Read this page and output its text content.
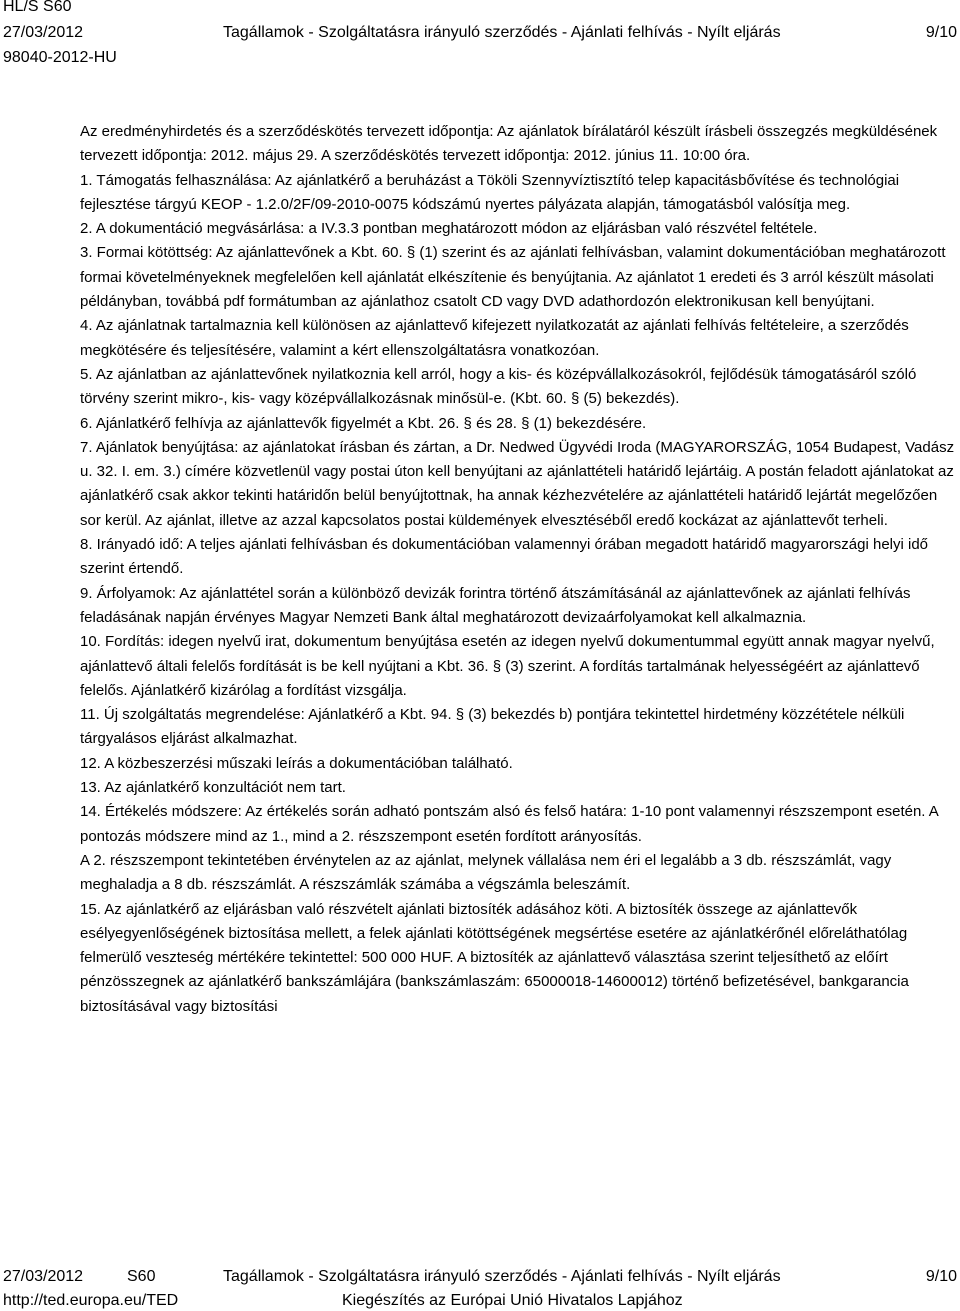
HL/S S60
27/03/2012
98040-2012-HU
Tagállamok - Szolgáltatásra irányuló szerződés - Ajánlati felhívás - Nyílt eljárás	9/10

Az eredményhirdetés és a szerződéskötés tervezett időpontja: Az ajánlatok bírálatáról készült írásbeli összegzés megküldésének tervezett időpontja: 2012. május 29. A szerződéskötés tervezett időpontja: 2012. június 11. 10:00 óra.

1. Támogatás felhasználása: Az ajánlatkérő a beruházást a Tököli Szennyvíztisztító telep kapacitásbővítése és technológiai fejlesztése tárgyú KEOP - 1.2.0/2F/09-2010-0075 kódszámú nyertes pályázata alapján, támogatásból valósítja meg.

2. A dokumentáció megvásárlása: a IV.3.3 pontban meghatározott módon az eljárásban való részvétel feltétele.

3. Formai kötöttség: Az ajánlattevőnek a Kbt. 60. § (1) szerint és az ajánlati felhívásban, valamint dokumentációban meghatározott formai követelményeknek megfelelően kell ajánlatát elkészítenie és benyújtania. Az ajánlatot 1 eredeti és 3 arról készült másolati példányban, továbbá pdf formátumban az ajánlathoz csatolt CD vagy DVD adathordozón elektronikusan kell benyújtani.

4. Az ajánlatnak tartalmaznia kell különösen az ajánlattevő kifejezett nyilatkozatát az ajánlati felhívás feltételeire, a szerződés megkötésére és teljesítésére, valamint a kért ellenszolgáltatásra vonatkozóan.

5. Az ajánlatban az ajánlattevőnek nyilatkoznia kell arról, hogy a kis- és középvállalkozásokról, fejlődésük támogatásáról szóló törvény szerint mikro-, kis- vagy középvállalkozásnak minősül-e. (Kbt. 60. § (5) bekezdés).

6. Ajánlatkérő felhívja az ajánlattevők figyelmét a Kbt. 26. § és 28. § (1) bekezdésére.

7. Ajánlatok benyújtása: az ajánlatokat írásban és zártan, a Dr. Nedwed Ügyvédi Iroda (MAGYARORSZÁG, 1054 Budapest, Vadász u. 32. I. em. 3.) címére közvetlenül vagy postai úton kell benyújtani az ajánlattételi határidő lejártáig. A postán feladott ajánlatokat az ajánlatkérő csak akkor tekinti határidőn belül benyújtottnak, ha annak kézhezvételére az ajánlattételi határidő lejártát megelőzően sor kerül. Az ajánlat, illetve az azzal kapcsolatos postai küldemények elvesztéséből eredő kockázat az ajánlattevőt terheli.

8. Irányadó idő: A teljes ajánlati felhívásban és dokumentációban valamennyi órában megadott határidő magyarországi helyi idő szerint értendő.

9. Árfolyamok: Az ajánlattétel során a különböző devizák forintra történő átszámításánál az ajánlattevőnek az ajánlati felhívás feladásának napján érvényes Magyar Nemzeti Bank által meghatározott devizaárfolyamokat kell alkalmaznia.

10. Fordítás: idegen nyelvű irat, dokumentum benyújtása esetén az idegen nyelvű dokumentummal együtt annak magyar nyelvű, ajánlattevő általi felelős fordítását is be kell nyújtani a Kbt. 36. § (3) szerint. A fordítás tartalmának helyességéért az ajánlattevő felelős. Ajánlatkérő kizárólag a fordítást vizsgálja.

11. Új szolgáltatás megrendelése: Ajánlatkérő a Kbt. 94. § (3) bekezdés b) pontjára tekintettel hirdetmény közzététele nélküli tárgyalásos eljárást alkalmazhat.

12. A közbeszerzési műszaki leírás a dokumentációban található.

13. Az ajánlatkérő konzultációt nem tart.

14. Értékelés módszere: Az értékelés során adható pontszám alsó és felső határa: 1-10 pont valamennyi részszempont esetén. A pontozás módszere mind az 1., mind a 2. részszempont esetén fordított arányosítás.

A 2. részszempont tekintetében érvénytelen az az ajánlat, melynek vállalása nem éri el legalább a 3 db. részszámlát, vagy meghaladja a 8 db. részszámlát. A részszámlák számába a végszámla beleszámít.

15. Az ajánlatkérő az eljárásban való részvételt ajánlati biztosíték adásához köti. A biztosíték összege az ajánlattevők esélyegyenlőségének biztosítása mellett, a felek ajánlati kötöttségének megsértése esetére az ajánlatkérőnél előreláthatólag felmerülő veszteség mértékére tekintettel: 500 000 HUF. A biztosíték az ajánlattevő választása szerint teljesíthető az előírt pénzösszegnek az ajánlatkérő bankszámlájára (bankszámlaszám: 65000018-14600012) történő befizetésével, bankgarancia biztosításával vagy biztosítási

27/03/2012	S60	Tagállamok - Szolgáltatásra irányuló szerződés - Ajánlati felhívás - Nyílt eljárás	9/10
http://ted.europa.eu/TED	Kiegészítés az Európai Unió Hivatalos Lapjához
